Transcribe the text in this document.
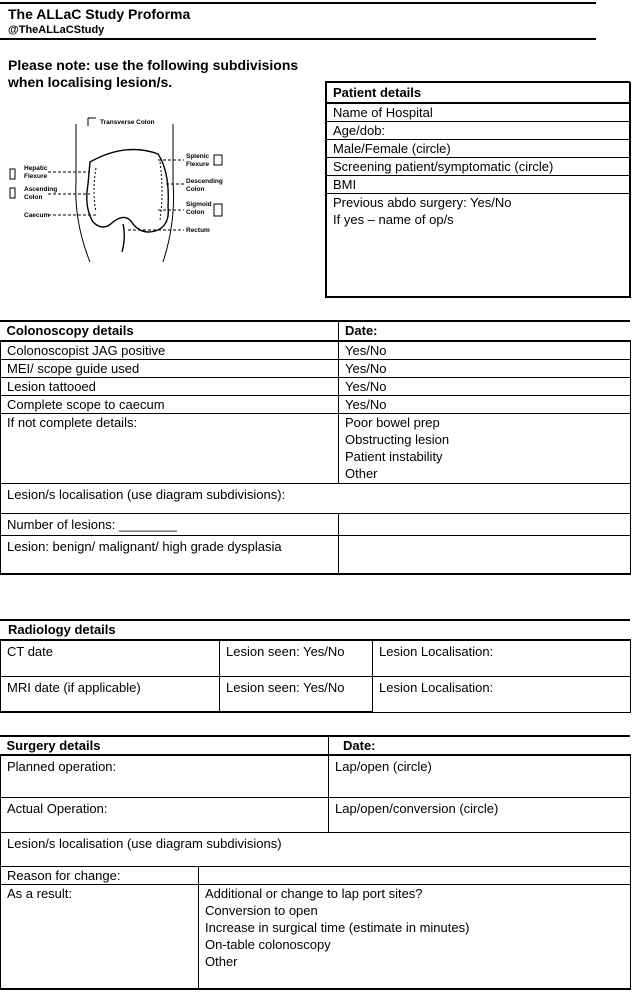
The ALLaC Study Proforma
@TheALLaCStudy
Please note: use the following subdivisions
when localising lesion/s.
Transverse Colon
Hepatic
Flexure
Ascending
Colon
Caecum
Splenic
Flexure
Descending
Colon
Sigmoid
Colon
Rectum
Patient details
Name of Hospital
Age/dob:
Male/Female (circle)
Screening patient/symptomatic (circle)
BMI
Previous abdo surgery: Yes/No
If yes – name of op/s
Colonoscopy details	Date:
Colonoscopist JAG positive	Yes/No
MEI/ scope guide used	Yes/No
Lesion tattooed	Yes/No
Complete scope to caecum	Yes/No
If not complete details:	Poor bowel prep
Obstructing lesion
Patient instability
Other

Lesion/s localisation (use diagram subdivisions):	
Number of lesions: ________	
Lesion: benign/ malignant/ high grade dysplasia	
Radiology details
CT date	Lesion seen: Yes/No	Lesion Localisation:
MRI date (if applicable)	Lesion seen: Yes/No	Lesion Localisation:
Surgery details		Date:
Planned operation:		Lap/open (circle)
Actual Operation:		Lap/open/conversion (circle)
Lesion/s localisation (use diagram subdivisions)		
Reason for change:		
As a result:	Additional or change to lap port sites?
Conversion to open
Increase in surgical time (estimate in minutes)
On-table colonoscopy
Other	
